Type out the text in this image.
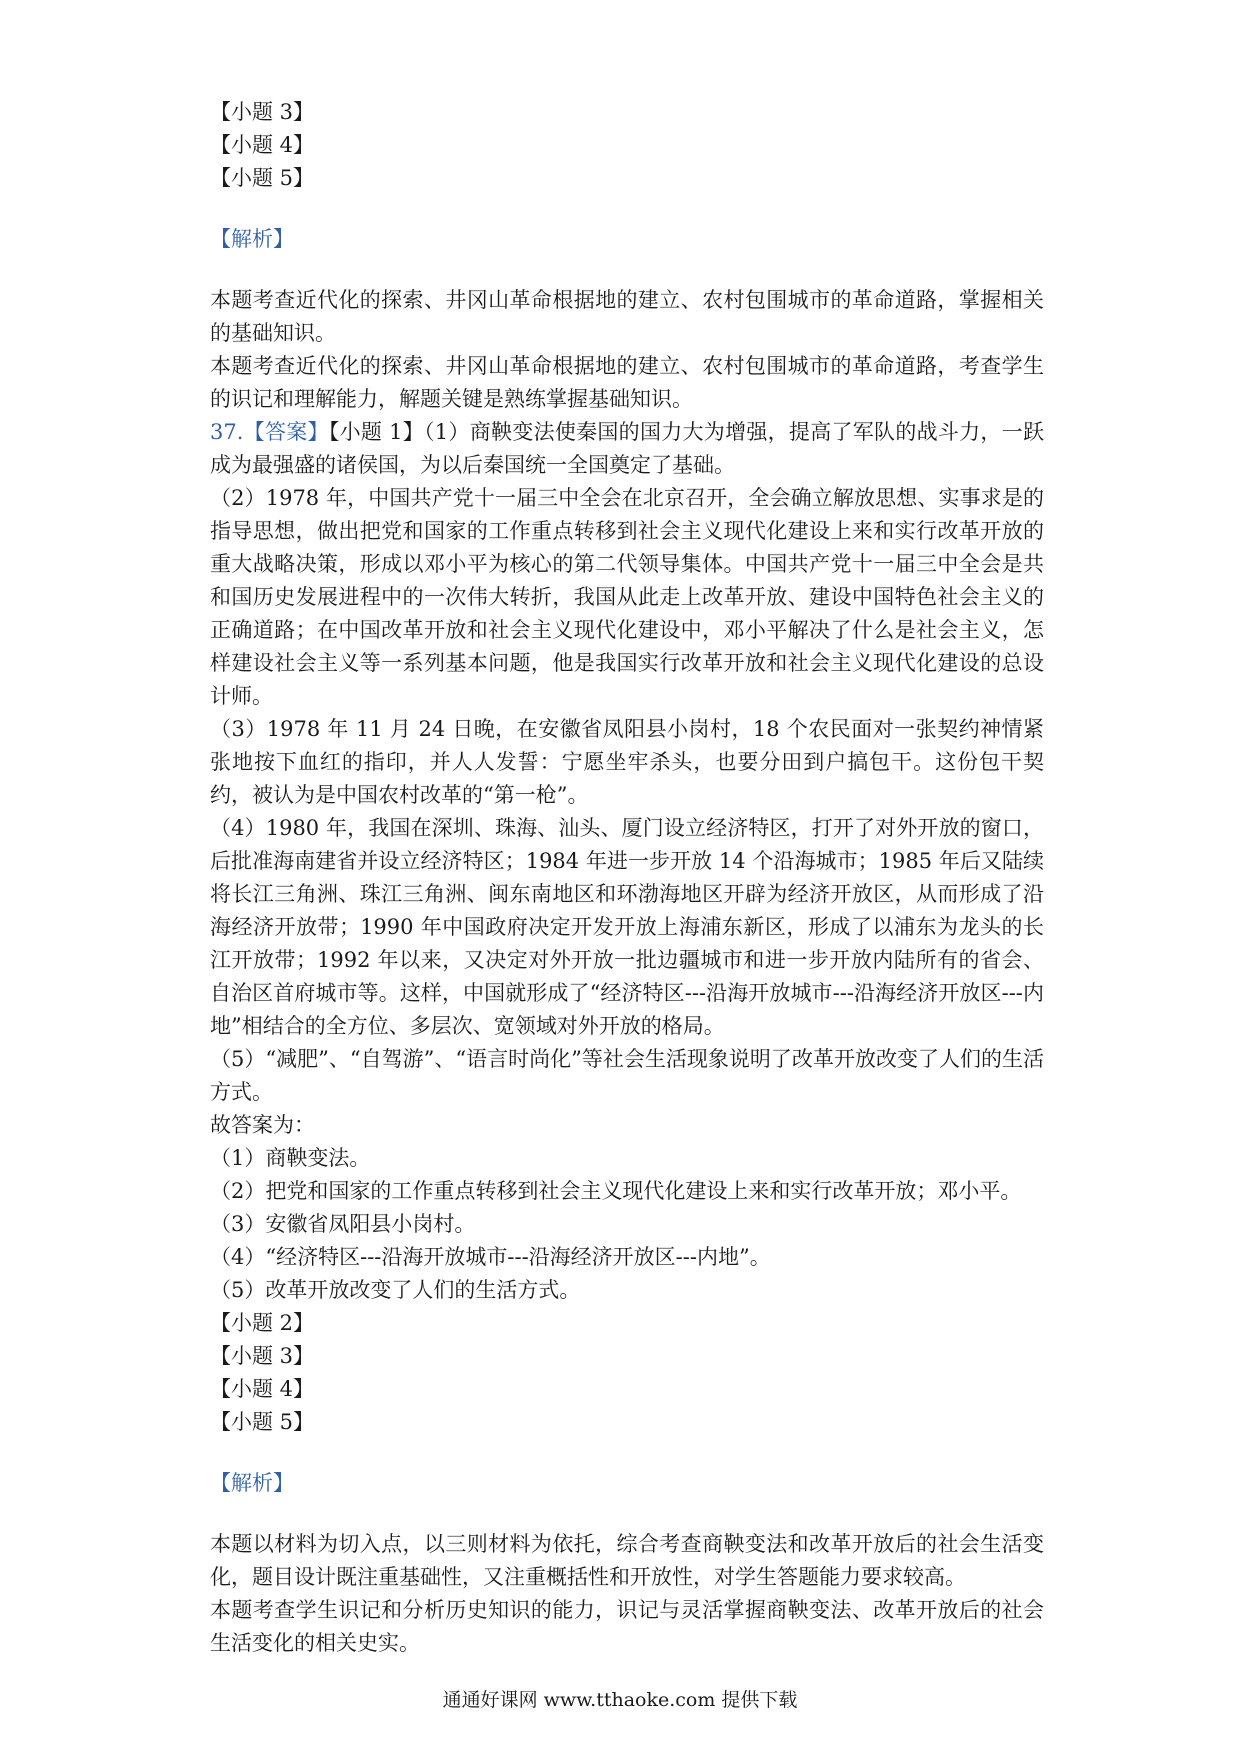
【小题 3】

【小题 4】

【小题 5】

【解析】

本题考查近代化的探索、井冈山革命根据地的建立、农村包围城市的革命道路，掌握相关的基础知识。

本题考查近代化的探索、井冈山革命根据地的建立、农村包围城市的革命道路，考查学生的识记和理解能力，解题关键是熟练掌握基础知识。

37.【答案】【小题 1】（1）商鞅变法使秦国的国力大为增强，提高了军队的战斗力，一跃成为最强盛的诸侯国，为以后秦国统一全国奠定了基础。

（2）1978 年，中国共产党十一届三中全会在北京召开，全会确立解放思想、实事求是的指导思想，做出把党和国家的工作重点转移到社会主义现代化建设上来和实行改革开放的重大战略决策，形成以邓小平为核心的第二代领导集体。中国共产党十一届三中全会是共和国历史发展进程中的一次伟大转折，我国从此走上改革开放、建设中国特色社会主义的正确道路；在中国改革开放和社会主义现代化建设中，邓小平解决了什么是社会主义，怎样建设社会主义等一系列基本问题，他是我国实行改革开放和社会主义现代化建设的总设计师。

（3）1978 年 11 月 24 日晚，在安徽省凤阳县小岗村，18 个农民面对一张契约神情紧张地按下血红的指印，并人人发誓：宁愿坐牢杀头，也要分田到户搞包干。这份包干契约，被认为是中国农村改革的“第一枪”。

（4）1980 年，我国在深圳、珠海、汕头、厦门设立经济特区，打开了对外开放的窗口，后批准海南建省并设立经济特区；1984 年进一步开放 14 个沿海城市；1985 年后又陆续将长江三角洲、珠江三角洲、闽东南地区和环渤海地区开辟为经济开放区，从而形成了沿海经济开放带；1990 年中国政府决定开发开放上海浦东新区，形成了以浦东为龙头的长江开放带；1992 年以来，又决定对外开放一批边疆城市和进一步开放内陆所有的省会、自治区首府城市等。这样，中国就形成了“经济特区---沿海开放城市---沿海经济开放区---内地”相结合的全方位、多层次、宽领域对外开放的格局。

（5）“减肥”、“自驾游”、“语言时尚化”等社会生活现象说明了改革开放改变了人们的生活方式。

故答案为：

（1）商鞅变法。

（2）把党和国家的工作重点转移到社会主义现代化建设上来和实行改革开放；邓小平。

（3）安徽省凤阳县小岗村。

（4）“经济特区---沿海开放城市---沿海经济开放区---内地”。

（5）改革开放改变了人们的生活方式。

【小题 2】

【小题 3】

【小题 4】

【小题 5】

【解析】

本题以材料为切入点，以三则材料为依托，综合考查商鞅变法和改革开放后的社会生活变化，题目设计既注重基础性，又注重概括性和开放性，对学生答题能力要求较高。

本题考查学生识记和分析历史知识的能力，识记与灵活掌握商鞅变法、改革开放后的社会生活变化的相关史实。

通通好课网 www.tthaoke.com 提供下载
